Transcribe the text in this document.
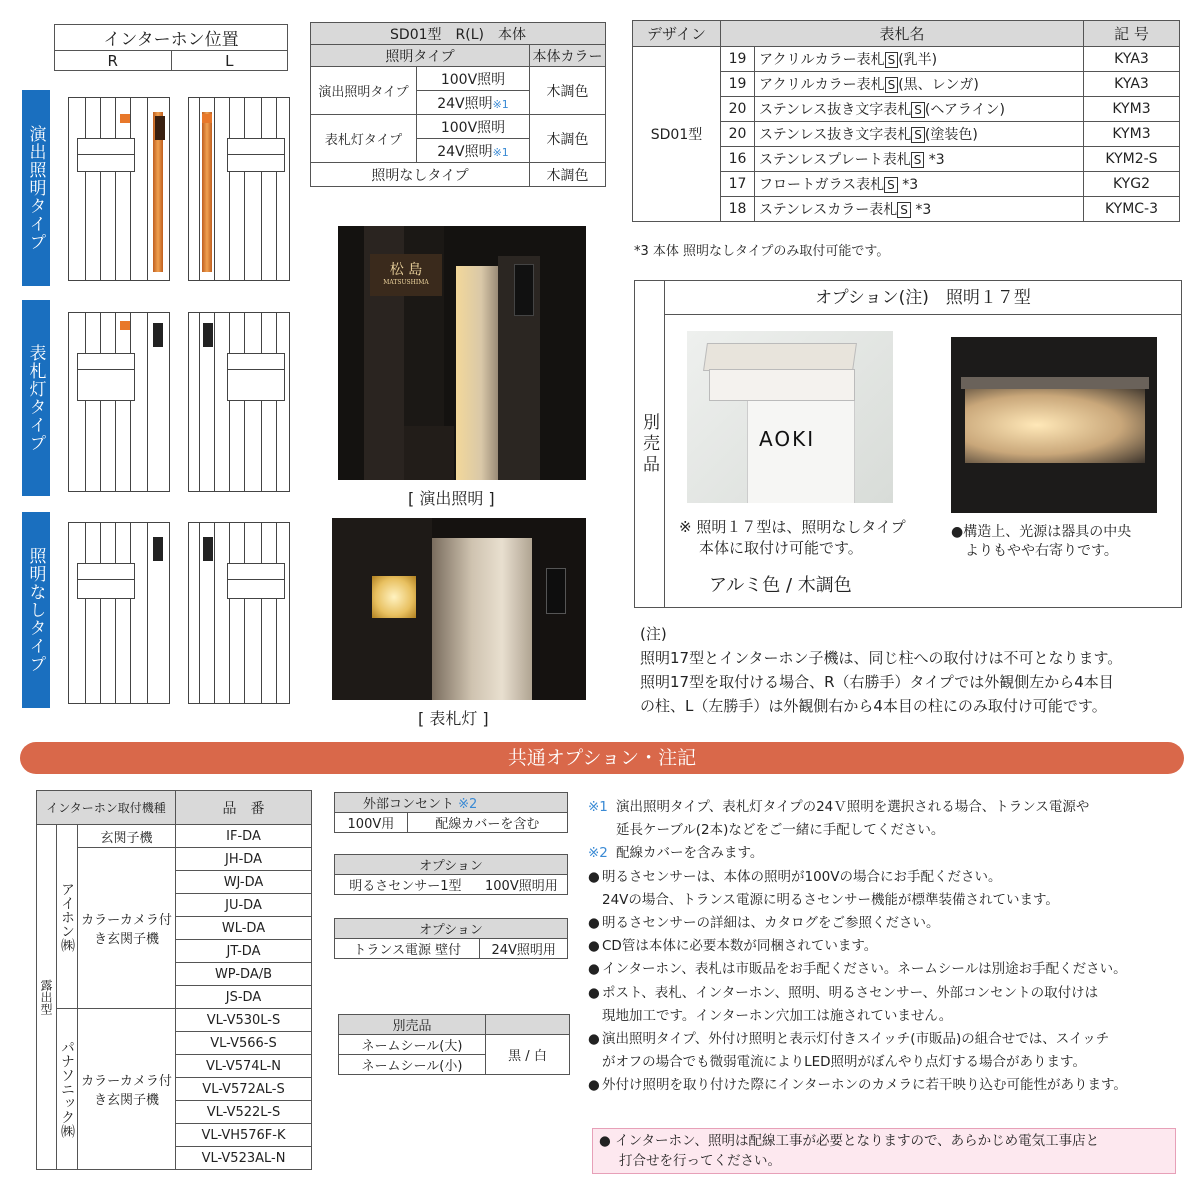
インターホン位置
R	L
演出照明タイプ
表札灯タイプ
照明なしタイプ
SD01型　R(L)　本体		
照明タイプ		本体カラー
演出照明タイプ	100V照明	木調色
	24V照明※1	
表札灯タイプ	100V照明	木調色
	24V照明※1	
照明なしタイプ		木調色
デザイン	表札名		記 号
SD01型	19	アクリルカラー表札 S (乳半)	KYA3
	19	アクリルカラー表札 S (黒、レンガ)	KYA3
	20	ステンレス抜き文字表札 S (ヘアライン)	KYM3
	20	ステンレス抜き文字表札 S (塗装色)	KYM3
	16	ステンレスプレート表札 S *3	KYM2-S
	17	フロートガラス表札 S *3	KYG2
	18	ステンレスカラー表札 S *3	KYMC-3
*3 本体 照明なしタイプのみ取付可能です。
松 島
MATSUSHIMA
[ 演出照明 ]
[ 表札灯 ]
別売品
オプション(注)　照明１７型
AOKI
※ 照明１７型は、照明なしタイプ
本体に取付け可能です。
アルミ色 / 木調色
●構造上、光源は器具の中央
よりもやや右寄りです。
(注)
照明17型とインターホン子機は、同じ柱への取付けは不可となります。
照明17型を取付ける場合、R（右勝手）タイプでは外観側左から4本目
の柱、L（左勝手）は外観側右から4本目の柱にのみ取付け可能です。
共通オプション・注記
インターホン取付機種			品　番
露出型	アイホン㈱	玄関子機	IF-DA
		カラーカメラ付　き玄関子機	JH-DA
			WJ-DA
			JU-DA
			WL-DA
			JT-DA
			WP-DA/B
			JS-DA
	パナソニック㈱	カラーカメラ付　き玄関子機	VL-V530L-S
			VL-V566-S
			VL-V574L-N
			VL-V572AL-S
			VL-V522L-S
			VL-VH576F-K
			VL-V523AL-N
外部コンセント ※2
100V用	配線カバーを含む
オプション
明るさセンサー1型	100V照明用
オプション
トランス電源 壁付	24V照明用
別売品	
ネームシール(大)	黒 / 白
ネームシール(小)	
※1 演出照明タイプ、表札灯タイプの24Ｖ照明を選択される場合、トランス電源や
延長ケーブル(2本)などをご一緒に手配してください。
※2 配線カバーを含みます。
● 明るさセンサーは、本体の照明が100Vの場合にお手配ください。
24Vの場合、トランス電源に明るさセンサー機能が標準装備されています。
● 明るさセンサーの詳細は、カタログをご参照ください。
● CD管は本体に必要本数が同梱されています。
● インターホン、表札は市販品をお手配ください。ネームシールは別途お手配ください。
● ポスト、表札、インターホン、照明、明るさセンサー、外部コンセントの取付けは
現地加工です。インターホン穴加工は施されていません。
● 演出照明タイプ、外付け照明と表示灯付きスイッチ(市販品)の組合せでは、スイッチ
がオフの場合でも微弱電流によりLED照明がぼんやり点灯する場合があります。
● 外付け照明を取り付けた際にインターホンのカメラに若干映り込む可能性があります。
● インターホン、照明は配線工事が必要となりますので、あらかじめ電気工事店と
打合せを行ってください。
